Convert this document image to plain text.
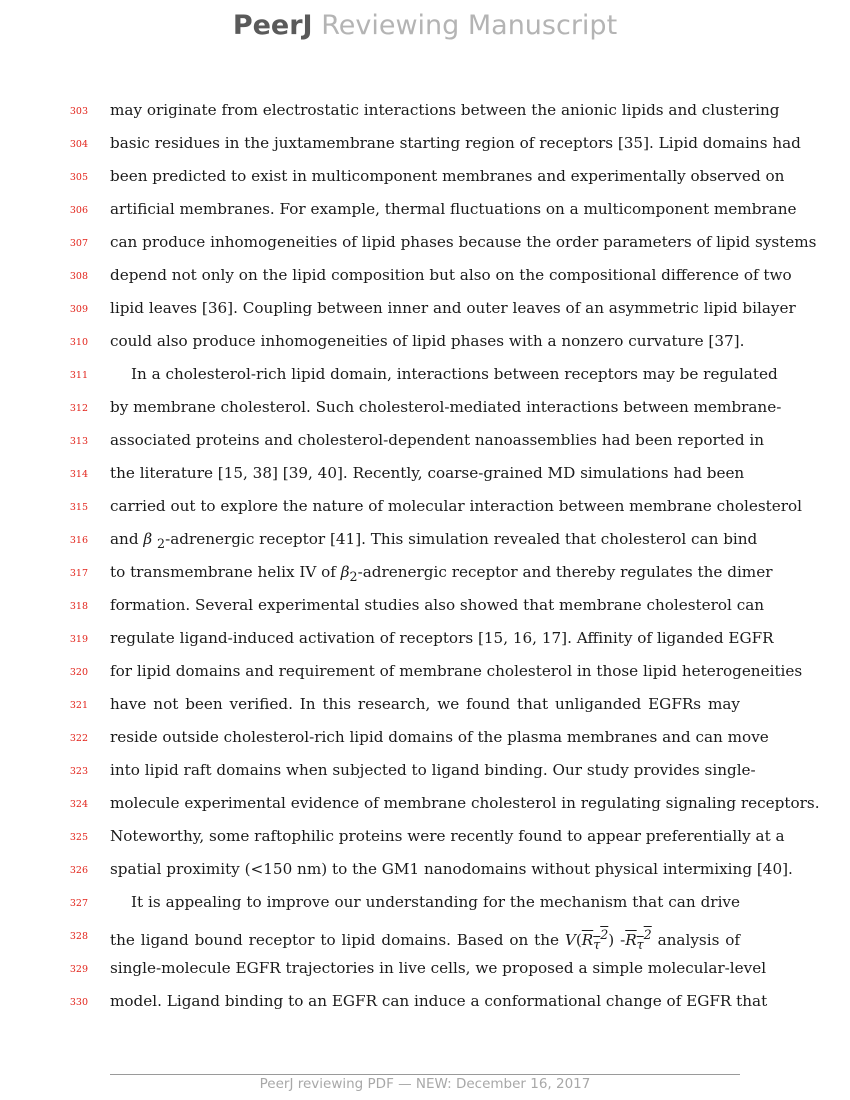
PeerJ Reviewing Manuscript
303 may originate from electrostatic interactions between the anionic lipids and clustering
304 basic residues in the juxtamembrane starting region of receptors [35]. Lipid domains had
305 been predicted to exist in multicomponent membranes and experimentally observed on
306 artificial membranes. For example, thermal fluctuations on a multicomponent membrane
307 can produce inhomogeneities of lipid phases because the order parameters of lipid systems
308 depend not only on the lipid composition but also on the compositional difference of two
309 lipid leaves [36]. Coupling between inner and outer leaves of an asymmetric lipid bilayer
310 could also produce inhomogeneities of lipid phases with a nonzero curvature [37].
311	In a cholesterol-rich lipid domain, interactions between receptors may be regulated
312 by membrane cholesterol. Such cholesterol-mediated interactions between membrane-
313 associated proteins and cholesterol-dependent nanoassemblies had been reported in
314 the literature [15, 38] [39, 40]. Recently, coarse-grained MD simulations had been
315 carried out to explore the nature of molecular interaction between membrane cholesterol
316 and β $_2$-adrenergic receptor [41]. This simulation revealed that cholesterol can bind
317 to transmembrane helix IV of $\beta_2$-adrenergic receptor and thereby regulates the dimer
318 formation. Several experimental studies also showed that membrane cholesterol can
319 regulate ligand-induced activation of receptors [15, 16, 17]. Affinity of liganded EGFR
320 for lipid domains and requirement of membrane cholesterol in those lipid heterogeneities
321 have not been verified. In this research, we found that unliganded EGFRs may
322 reside outside cholesterol-rich lipid domains of the plasma membranes and can move
323 into lipid raft domains when subjected to ligand binding. Our study provides single-
324 molecule experimental evidence of membrane cholesterol in regulating signaling receptors.
325 Noteworthy, some raftophilic proteins were recently found to appear preferentially at a
326 spatial proximity (<150 nm) to the GM1 nanodomains without physical intermixing [40].
327	It is appealing to improve our understanding for the mechanism that can drive
328 the ligand bound receptor to lipid domains. Based on the $V(R_\tau^2)$ $-R_\tau^2$ analysis of
329 single-molecule EGFR trajectories in live cells, we proposed a simple molecular-level
330 model. Ligand binding to an EGFR can induce a conformational change of EGFR that
PeerJ reviewing PDF — NEW: December 16, 2017
